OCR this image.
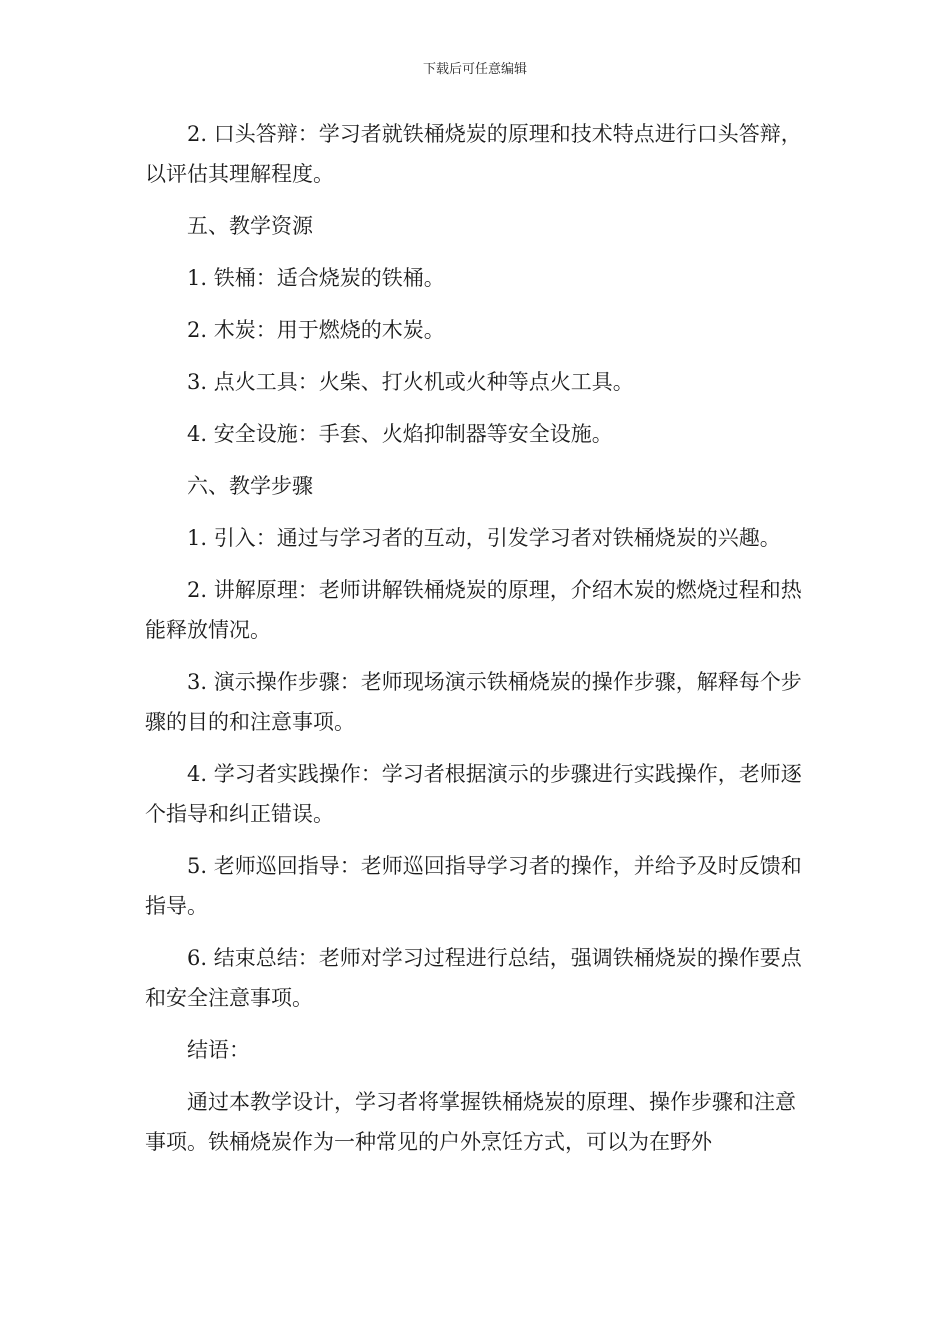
下载后可任意编辑

2. 口头答辩：学习者就铁桶烧炭的原理和技术特点进行口头答辩，以评估其理解程度。

五、教学资源

1. 铁桶：适合烧炭的铁桶。

2. 木炭：用于燃烧的木炭。

3. 点火工具：火柴、打火机或火种等点火工具。

4. 安全设施：手套、火焰抑制器等安全设施。

六、教学步骤

1. 引入：通过与学习者的互动，引发学习者对铁桶烧炭的兴趣。

2. 讲解原理：老师讲解铁桶烧炭的原理，介绍木炭的燃烧过程和热能释放情况。

3. 演示操作步骤：老师现场演示铁桶烧炭的操作步骤，解释每个步骤的目的和注意事项。

4. 学习者实践操作：学习者根据演示的步骤进行实践操作，老师逐个指导和纠正错误。

5. 老师巡回指导：老师巡回指导学习者的操作，并给予及时反馈和指导。

6. 结束总结：老师对学习过程进行总结，强调铁桶烧炭的操作要点和安全注意事项。

结语：

通过本教学设计，学习者将掌握铁桶烧炭的原理、操作步骤和注意事项。铁桶烧炭作为一种常见的户外烹饪方式，可以为在野外
